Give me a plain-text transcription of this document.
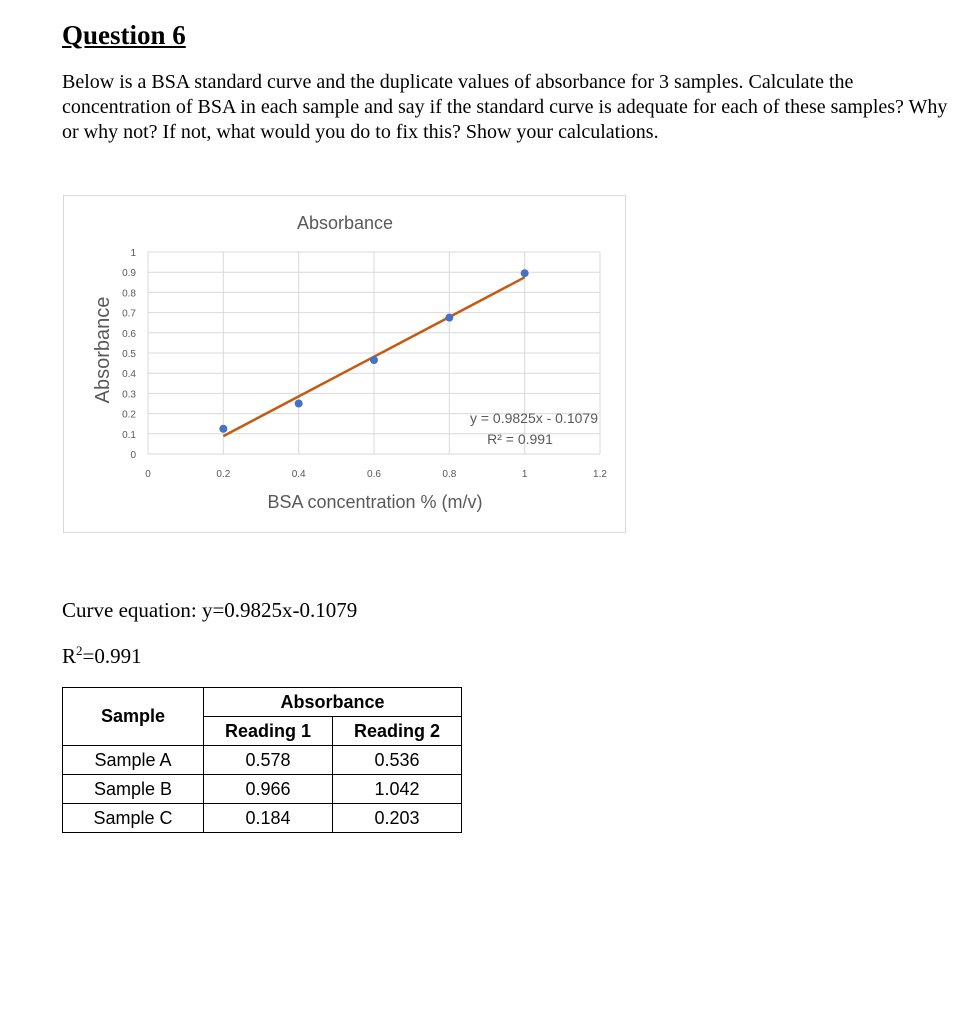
Question 6

Below is a BSA standard curve and the duplicate values of absorbance for 3 samples. Calculate the concentration of BSA in each sample and say if the standard curve is adequate for each of these samples? Why or why not? If not, what would you do to fix this? Show your calculations.

0
0.1
0.2
0.3
0.4
0.5
0.6
0.7
0.8
0.9
1
0	0.2	0.4	0.6	0.8	1	1.2
Absorbance
BSA concentration % (m/v)
Absorbance
y = 0.9825x - 0.1079
R² = 0.991

Curve equation: y=0.9825x-0.1079

$R^2=0.991$

Sample	Absorbance	
	Reading 1	Reading 2
Sample A	0.578	0.536
Sample B	0.966	1.042
Sample C	0.184	0.203
